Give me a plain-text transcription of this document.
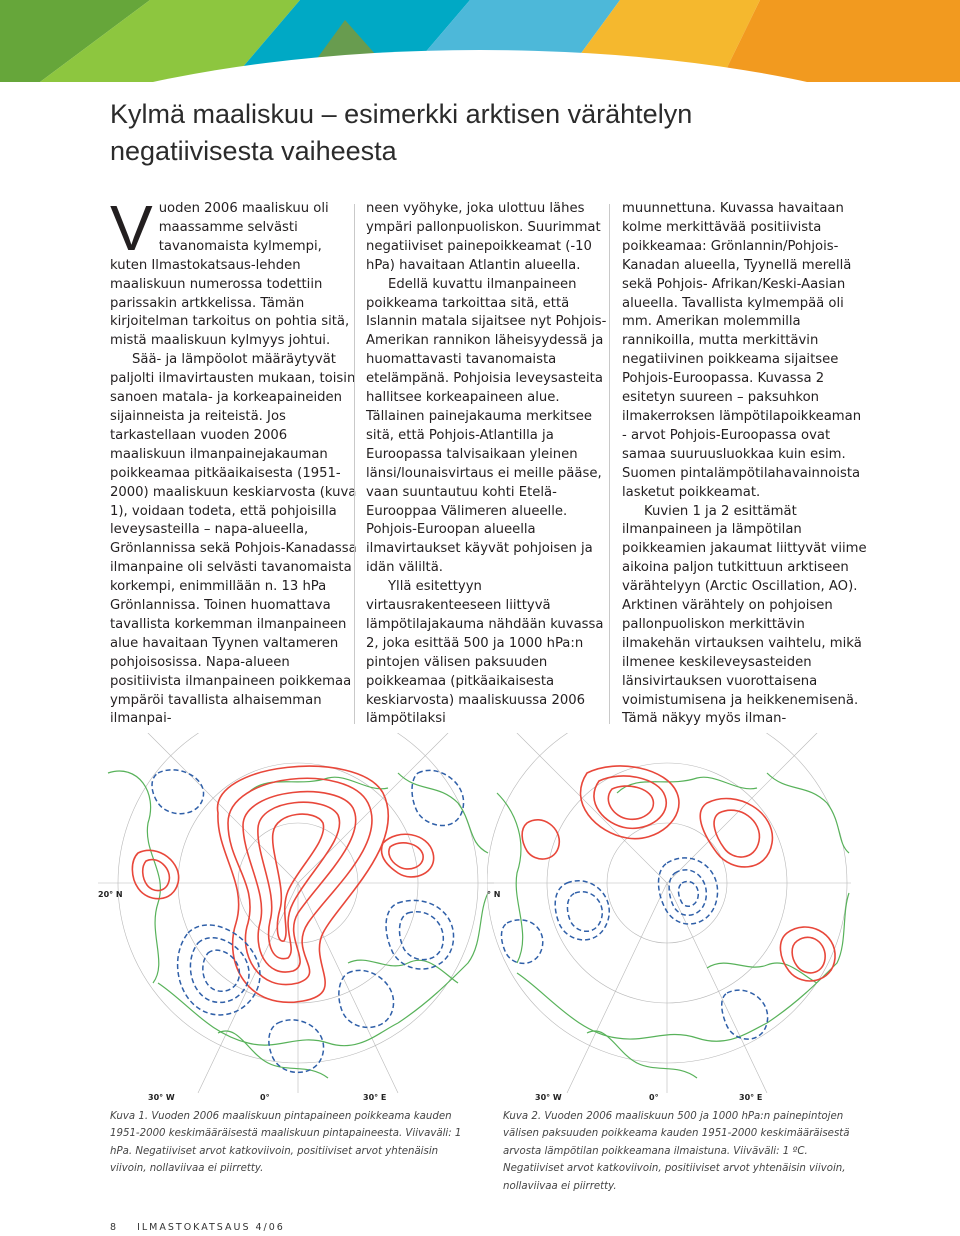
Kylmä maaliskuu – esimerkki arktisen värähtelyn
negatiivisesta vaiheesta

Vuoden 2006 maaliskuu oli maassamme selvästi tavanomaista kylmempi, kuten Ilmastokatsaus-lehden maaliskuun numerossa todettiin parissakin artkkelissa. Tämän kirjoitelman tarkoitus on pohtia sitä, mistä maaliskuun kylmyys johtui.

Sää- ja lämpöolot määräytyvät paljolti ilmavirtausten mukaan, toisin sanoen matala- ja korkeapaineiden sijainneista ja reiteistä. Jos tarkastellaan vuoden 2006 maaliskuun ilmanpainejakauman poikkeamaa pitkäaikaisesta (1951-2000) maaliskuun keskiarvosta (kuva 1), voidaan todeta, että pohjoisilla leveysasteilla – napa-alueella, Grönlannissa sekä Pohjois-Kanadassa ilmanpaine oli selvästi tavanomaista korkempi, enimmillään n. 13 hPa Grönlannissa. Toinen huomattava tavallista korkemman ilmanpaineen alue havaitaan Tyynen valtameren pohjoisosissa. Napa-alueen positiivista ilmanpaineen poikkemaa ympäröi tavallista alhaisemman ilmanpai-

neen vyöhyke, joka ulottuu lähes ympäri pallonpuoliskon. Suurimmat negatiiviset painepoikkeamat (-10 hPa) havaitaan Atlantin alueella.

Edellä kuvattu ilmanpaineen poikkeama tarkoittaa sitä, että Islannin matala sijaitsee nyt Pohjois-Amerikan rannikon läheisyydessä ja huomattavasti tavanomaista etelämpänä. Pohjoisia leveysasteita hallitsee korkeapaineen alue. Tällainen painejakauma merkitsee sitä, että Pohjois-Atlantilla ja Euroopassa talvisaikaan yleinen länsi/lounaisvirtaus ei meille pääse, vaan suuntautuu kohti Etelä-Eurooppaa Välimeren alueelle. Pohjois-Euroopan alueella ilmavirtaukset käyvät pohjoisen ja idän väliltä.

Yllä esitettyyn virtausrakenteeseen liittyvä lämpötilajakauma nähdään kuvassa 2, joka esittää 500 ja 1000 hPa:n pintojen välisen paksuuden poikkeamaa (pitkäaikaisesta keskiarvosta) maaliskuussa 2006 lämpötilaksi

muunnettuna. Kuvassa havaitaan kolme merkittävää positiivista poikkeamaa: Grönlannin/Pohjois-Kanadan alueella, Tyynellä merellä sekä Pohjois- Afrikan/Keski-Aasian alueella. Tavallista kylmempää oli mm. Amerikan molemmilla rannikoilla, mutta merkittävin negatiivinen poikkeama sijaitsee Pohjois-Euroopassa. Kuvassa 2 esitetyn suureen – paksuhkon ilmakerroksen lämpötilapoikkeaman - arvot Pohjois-Euroopassa ovat samaa suuruusluokkaa kuin esim. Suomen pintalämpötilahavainnoista lasketut poikkeamat.

Kuvien 1 ja 2 esittämät ilmanpaineen ja lämpötilan poikkeamien jakaumat liittyvät viime aikoina paljon tutkittuun arktiseen värähtelyyn (Arctic Oscillation, AO). Arktinen värähtely on pohjoisen pallonpuoliskon merkittävin ilmakehän virtauksen vaihtelu, mikä ilmenee keskileveysasteiden länsivirtauksen vuorottaisena voimistumisena ja heikkenemisenä. Tämä näkyy myös ilman-

20° N
30° W	0°	30° E
° N
30° W	0°	30° E

Kuva 1. Vuoden 2006 maaliskuun pintapaineen poikkeama kauden 1951-2000 keskimääräisestä maaliskuun pintapaineesta. Viivaväli: 1 hPa. Negatiiviset arvot katkoviivoin, positiiviset arvot yhtenäisin viivoin, nollaviivaa ei piirretty.

Kuva 2. Vuoden 2006 maaliskuun 500 ja 1000 hPa:n painepintojen välisen paksuuden poikkeama kauden 1951-2000 keskimääräisestä arvosta lämpötilan poikkeamana ilmaistuna. Viiväväli: 1 ºC. Negatiiviset arvot katkoviivoin, positiiviset arvot yhtenäisin viivoin, nollaviivaa ei piirretty.

8 ILMASTOKATSAUS 4/06
